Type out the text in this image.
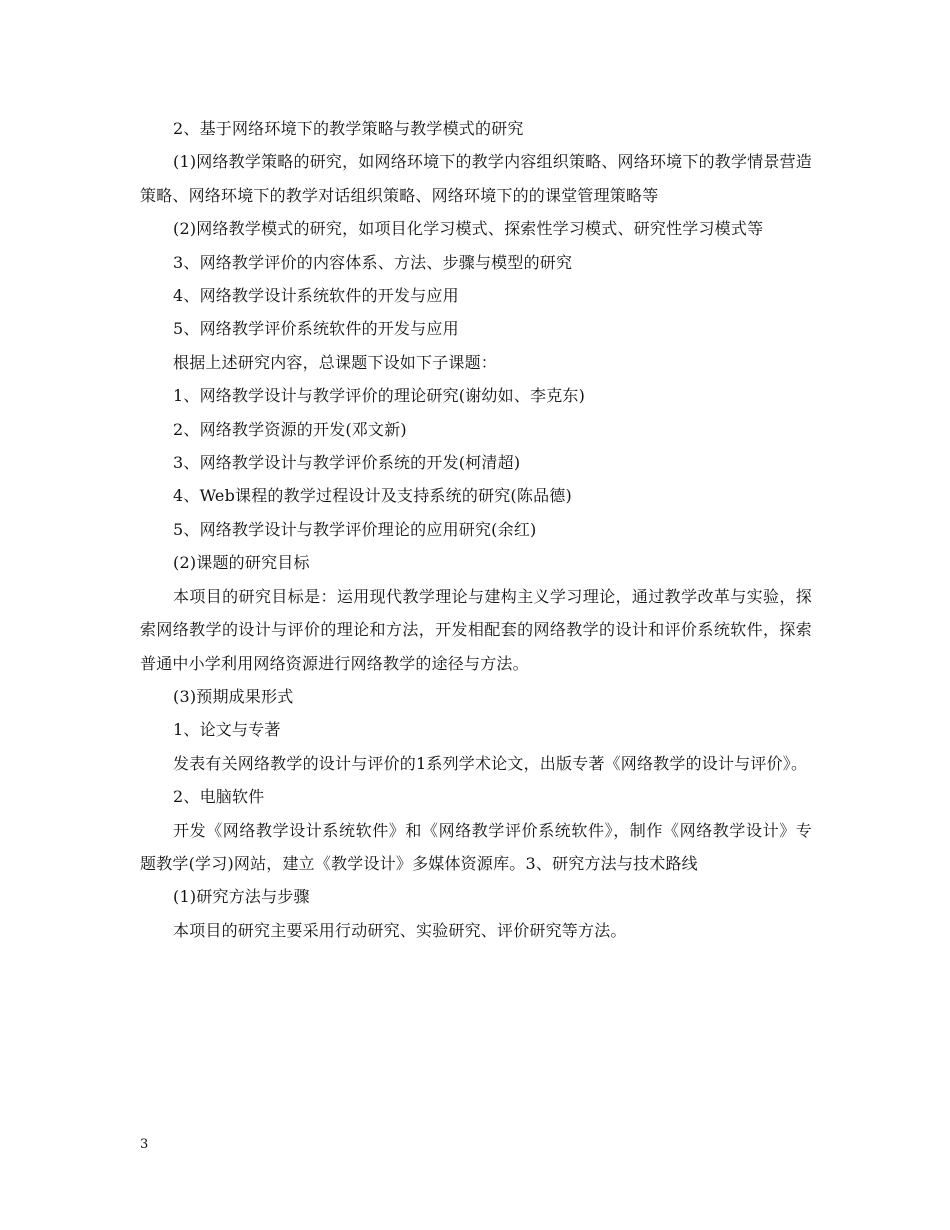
2、基于网络环境下的教学策略与教学模式的研究

(1)网络教学策略的研究，如网络环境下的教学内容组织策略、网络环境下的教学情景营造策略、网络环境下的教学对话组织策略、网络环境下的的课堂管理策略等

(2)网络教学模式的研究，如项目化学习模式、探索性学习模式、研究性学习模式等

3、网络教学评价的内容体系、方法、步骤与模型的研究

4、网络教学设计系统软件的开发与应用

5、网络教学评价系统软件的开发与应用

根据上述研究内容，总课题下设如下子课题：

1、网络教学设计与教学评价的理论研究(谢幼如、李克东)

2、网络教学资源的开发(邓文新)

3、网络教学设计与教学评价系统的开发(柯清超)

4、Web课程的教学过程设计及支持系统的研究(陈品德)

5、网络教学设计与教学评价理论的应用研究(余红)

(2)课题的研究目标

本项目的研究目标是：运用现代教学理论与建构主义学习理论，通过教学改革与实验，探索网络教学的设计与评价的理论和方法，开发相配套的网络教学的设计和评价系统软件，探索普通中小学利用网络资源进行网络教学的途径与方法。

(3)预期成果形式

1、论文与专著

发表有关网络教学的设计与评价的1系列学术论文，出版专著《网络教学的设计与评价》。

2、电脑软件

开发《网络教学设计系统软件》和《网络教学评价系统软件》，制作《网络教学设计》专题教学(学习)网站，建立《教学设计》多媒体资源库。3、研究方法与技术路线

(1)研究方法与步骤

本项目的研究主要采用行动研究、实验研究、评价研究等方法。

3
